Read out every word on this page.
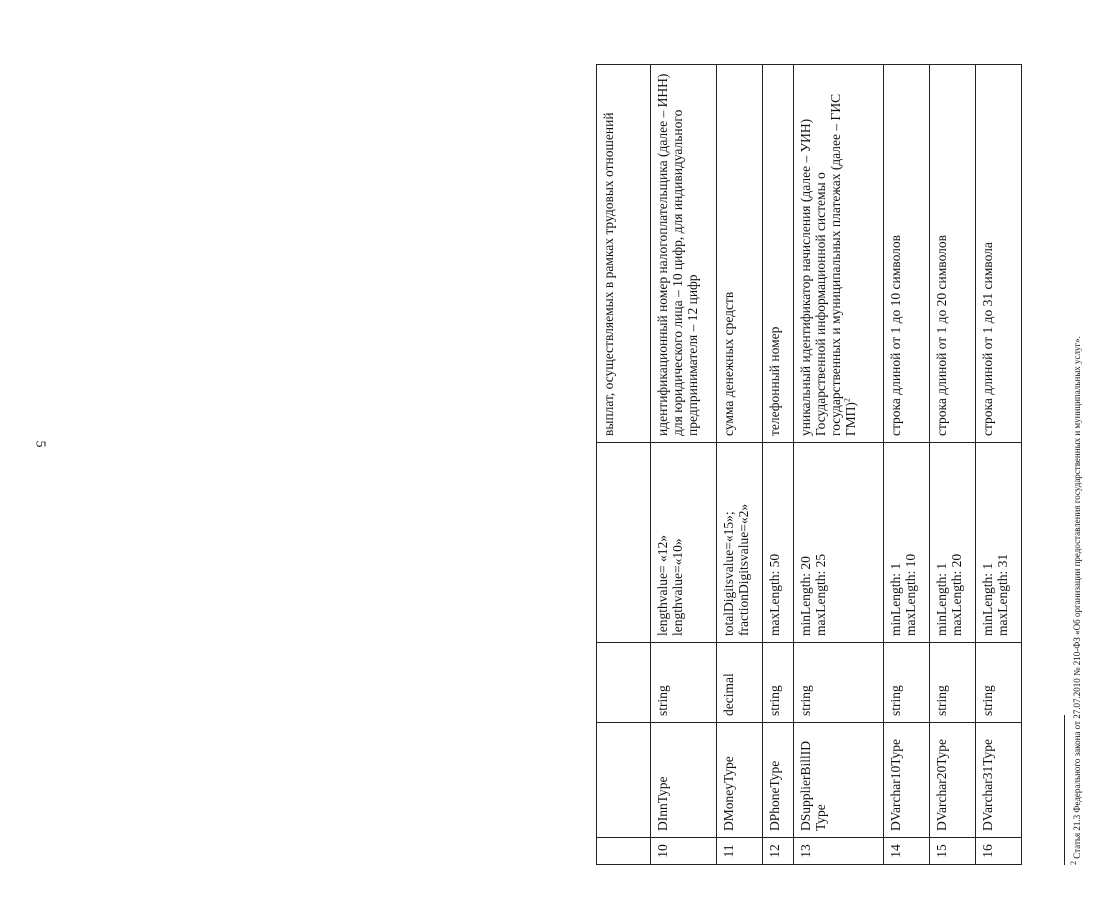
5
				выплат, осуществляемых в рамках трудовых отношений
10	DInnType	string	lengthvalue= «12» lengthvalue=«10»	идентификационный номер налогоплательщика (далее – ИНН) для юридического лица – 10 цифр, для индивидуального предпринимателя – 12 цифр
11	DMoneyType	decimal	totalDigitsvalue=«15»; fractionDigitsvalue=«2»	сумма денежных средств
12	DPhoneType	string	maxLength: 50	телефонный номер
13	DSupplierBillID Type	string	minLength: 20 maxLength: 25	уникальный идентификатор начисления (далее – УИН) Государственной информационной системы о государственных и муниципальных платежах (далее – ГИС ГМП)$^2$
14	DVarchar10Type	string	minLength: 1 maxLength: 10	строка длиной от 1 до 10 символов
15	DVarchar20Type	string	minLength: 1 maxLength: 20	строка длиной от 1 до 20 символов
16	DVarchar31Type	string	minLength: 1 maxLength: 31	строка длиной от 1 до 31 символа
$^2$ Статья 21.3 Федерального закона от 27.07.2010 № 210-ФЗ «Об организации предоставления государственных и муниципальных услуг».
